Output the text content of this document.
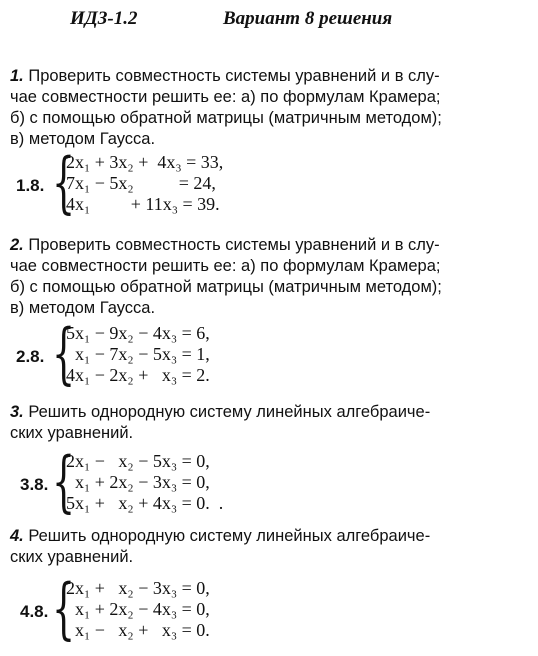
ИДЗ-1.2	Вариант 8 решения
1. Проверить совместность системы уравнений и в слу-
чае совместности решить ее: а) по формулам Крамера;
б) с помощью обратной матрицы (матричным методом);
в) методом Гаусса.
1.8. {
2x₁ + 3x₂ +  4x₃ = 33,
7x₁ − 5x₂          = 24,
4x₁         + 11x₃ = 39.
2. Проверить совместность системы уравнений и в слу-
чае совместности решить ее: а) по формулам Крамера;
б) с помощью обратной матрицы (матричным методом);
в) методом Гаусса.
2.8. {
5x₁ − 9x₂ − 4x₃ = 6,
x₁ − 7x₂ − 5x₃ = 1,
4x₁ − 2x₂ +   x₃ = 2.
3. Решить однородную систему линейных алгебраиче-
ских уравнений.
3.8. {
2x₁ −   x₂ − 5x₃ = 0,
x₁ + 2x₂ − 3x₃ = 0,
5x₁ +   x₂ + 4x₃ = 0.  .
4. Решить однородную систему линейных алгебраиче-
ских уравнений.
4.8. {
2x₁ +   x₂ − 3x₃ = 0,
x₁ + 2x₂ − 4x₃ = 0,
x₁ −   x₂ +   x₃ = 0.
